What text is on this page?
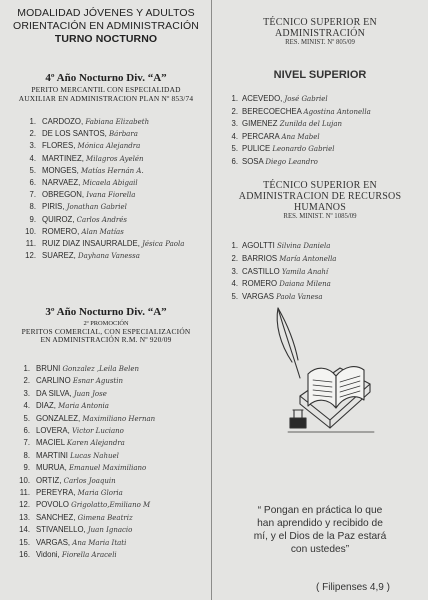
MODALIDAD JÓVENES Y ADULTOS
ORIENTACIÓN EN ADMINISTRACIÓN
TURNO NOCTURNO
4º Año Nocturno Div. “A”
PERITO MERCANTIL CON ESPECIALIDAD
AUXILIAR EN ADMINISTRACION PLAN Nº 853/74
1. CARDOZO, Fabiana Elizabeth
2. DE LOS SANTOS, Bárbara
3. FLORES, Mónica Alejandra
4. MARTINEZ, Milagros Ayelén
5. MONGES, Matías Hernán A.
6. NARVAEZ, Micaela Abigail
7. OBREGON, Ivana Fiorella
8. PIRIS, Jonathan Gabriel
9. QUIROZ, Carlos Andrés
10. ROMERO, Alan Matías
11. RUIZ DIAZ INSAURRALDE, Jésica Paola
12. SUAREZ, Dayhana Vanessa
3º Año Nocturno Div. “A”
2º PROMOCIÓN
PERITOS COMERCIAL, CON ESPECIALIZACIÓN
EN ADMINISTRACIÓN R.M. Nº 920/09
1. BRUNI Gonzalez ,Leila Belen
2. CARLINO Esnar Agustin
3. DA SILVA, Juan Jose
4. DIAZ, Maria Antonia
5. GONZALEZ, Maximiliano Hernan
6. LOVERA, Victor Luciano
7. MACIEL Karen Alejandra
8. MARTINI Lucas Nahuel
9. MURUA, Emanuel Maximiliano
10. ORTIZ, Carlos Joaquin
11. PEREYRA, Maria Gloria
12. POVOLO Grigolatto,Emiliano M
13. SANCHEZ, Gimena Beatriz
14. STIVANELLO, Juan Ignacio
15. VARGAS, Ana Maria Itati
16. Vidoni, Fiorella Araceli
TÉCNICO SUPERIOR EN
ADMINISTRACIÓN
RES. MINIST. Nº 805/09
NIVEL SUPERIOR
1. ACEVEDO, José Gabriel
2. BERECOECHEA Agostina Antonella
3. GIMENEZ Zunilda del Lujan
4. PERCARA Ana Mabel
5. PULICE Leonardo Gabriel
6. SOSA Diego Leandro
TÉCNICO SUPERIOR EN
ADMINISTRACION DE RECURSOS
HUMANOS
RES. MINIST. Nº 1085/09
1. AGOLTTI Silvina Daniela
2. BARRIOS María Antonella
3. CASTILLO Yamila Anahí
4. ROMERO Daiana Milena
5. VARGAS Paola Vanesa
“ Pongan en práctica lo que
han aprendido y recibido de
mí, y el Dios de la Paz estará
con ustedes”
( Filipenses 4,9 )
